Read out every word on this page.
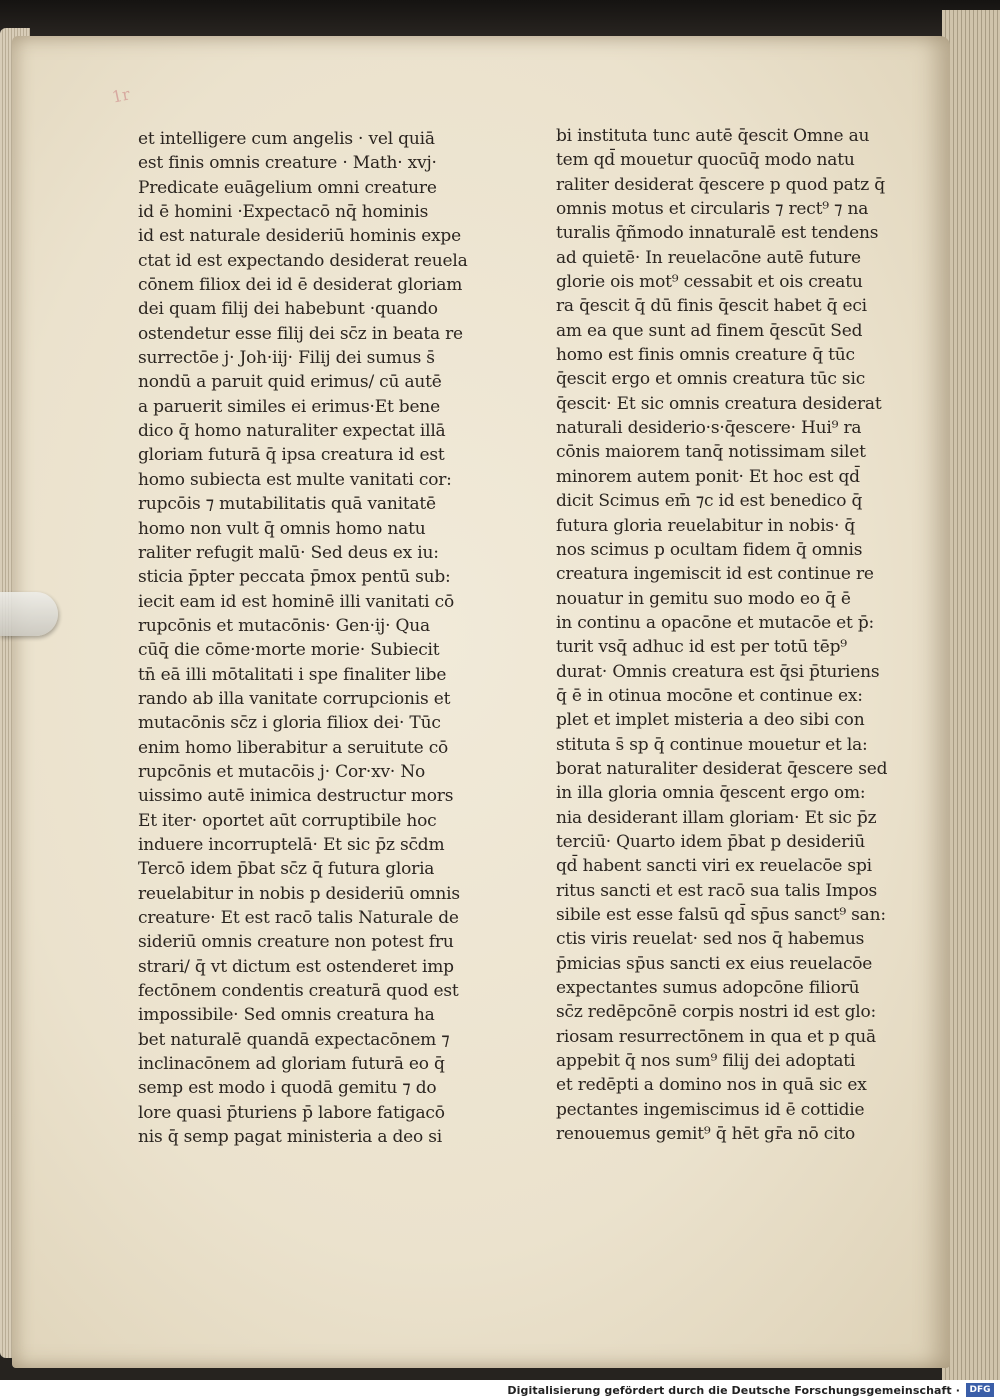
1r
et intelligere cum angelis · vel quiā
est finis omnis creature · Math· xvj·
Predicate euāgelium omni creature
id ē homini ·Expectacō nq̄ hominis
id est naturale desideriū hominis expe
ctat id est expectando desiderat reuela
cōnem filiox dei id ē desiderat gloriam
dei quam filij dei habebunt ·quando
ostendetur esse filij dei sc̄z in beata re
surrectōe j· Joh·iij· Filij dei sumus s̄
nondū a paruit quid erimus/ cū autē
a paruerit similes ei erimus·Et bene
dico q̄ homo naturaliter expectat illā
gloriam futurā q̄ ipsa creatura id est
homo subiecta est multe vanitati cor:
rupcōis ⁊ mutabilitatis quā vanitatē
homo non vult q̄ omnis homo natu
raliter refugit malū· Sed deus ex iu:
sticia p̄pter peccata p̄mox pentū sub:
iecit eam id est hominē illi vanitati cō
rupcōnis et mutacōnis· Gen·ij· Qua
cūq̄ die cōme·morte morie· Subiecit
tn̄ eā illi mōtalitati i spe finaliter libe
rando ab illa vanitate corrupcionis et
mutacōnis sc̄z i gloria filiox dei· Tūc
enim homo liberabitur a seruitute cō
rupcōnis et mutacōis j· Cor·xv· No
uissimo autē inimica destructur mors
Et iter· oportet aūt corruptibile hoc
induere incorruptelā· Et sic p̄z sc̄dm
Tercō idem p̄bat sc̄z q̄ futura gloria
reuelabitur in nobis p desideriū omnis
creature· Et est racō talis Naturale de
sideriū omnis creature non potest fru
strari/ q̄ vt dictum est ostenderet imp
fectōnem condentis creaturā quod est
impossibile· Sed omnis creatura ha
bet naturalē quandā expectacōnem ⁊
inclinacōnem ad gloriam futurā eo q̄
semp est modo i quodā gemitu ⁊ do
lore quasi p̄turiens p̄ labore fatigacō
nis q̄ semp pagat ministeria a deo si
bi instituta tunc autē q̄escit Omne au
tem qd̄ mouetur quocūq̄ modo natu
raliter desiderat q̄escere p quod patz q̄
omnis motus et circularis ⁊ rect⁹ ⁊ na
turalis q̄ñmodo innaturalē est tendens
ad quietē· In reuelacōne autē future
glorie ois mot⁹ cessabit et ois creatu
ra q̄escit q̄ dū finis q̄escit habet q̄ eci
am ea que sunt ad finem q̄escūt Sed
homo est finis omnis creature q̄ tūc
q̄escit ergo et omnis creatura tūc sic
q̄escit· Et sic omnis creatura desiderat
naturali desiderio·s·q̄escere· Hui⁹ ra
cōnis maiorem tanq̄ notissimam silet
minorem autem ponit· Et hoc est qd̄
dicit Scimus em̄ ⁊c id est benedico q̄
futura gloria reuelabitur in nobis· q̄
nos scimus p ocultam fidem q̄ omnis
creatura ingemiscit id est continue re
nouatur in gemitu suo modo eo q̄ ē
in continu a opacōne et mutacōe et p̄:
turit vsq̄ adhuc id est per totū tēp⁹
durat· Omnis creatura est q̄si p̄turiens
q̄ ē in otinua mocōne et continue ex:
plet et implet misteria a deo sibi con
stituta s̄ sp q̄ continue mouetur et la:
borat naturaliter desiderat q̄escere sed
in illa gloria omnia q̄escent ergo om:
nia desiderant illam gloriam· Et sic p̄z
terciū· Quarto idem p̄bat p desideriū
qd̄ habent sancti viri ex reuelacōe spi
ritus sancti et est racō sua talis Impos
sibile est esse falsū qd̄ sp̄us sanct⁹ san:
ctis viris reuelat· sed nos q̄ habemus
p̄micias sp̄us sancti ex eius reuelacōe
expectantes sumus adopcōne filiorū
sc̄z redēpcōnē corpis nostri id est glo:
riosam resurrectōnem in qua et p quā
appebit q̄ nos sum⁹ filij dei adoptati
et redēpti a domino nos in quā sic ex
pectantes ingemiscimus id ē cottidie
renouemus gemit⁹ q̄ hēt gr̄a nō cito
Digitalisierung gefördert durch die Deutsche Forschungsgemeinschaft ·	DFG
